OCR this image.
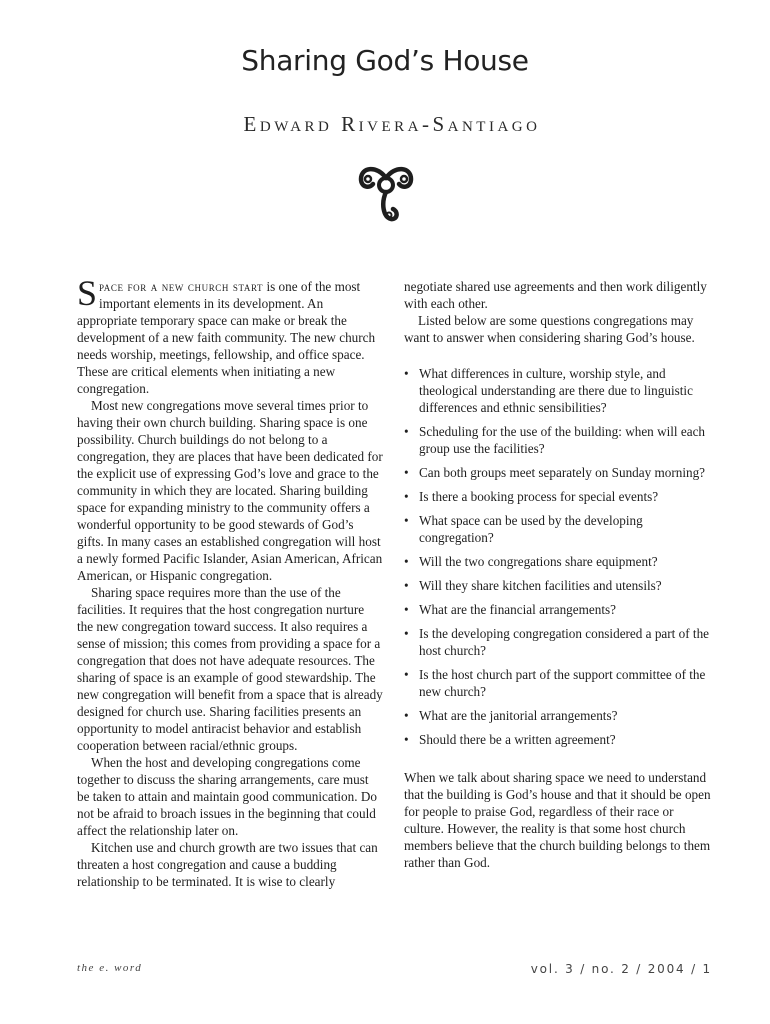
Sharing God’s House
Edward Rivera-Santiago

Space for a new church start is one of the most important elements in its development. An appropriate temporary space can make or break the development of a new faith community. The new church needs worship, meetings, fellowship, and office space. These are critical elements when initiating a new congregation.

Most new congregations move several times prior to having their own church building. Sharing space is one possibility. Church buildings do not belong to a congregation, they are places that have been dedicated for the explicit use of expressing God’s love and grace to the community in which they are located. Sharing building space for expanding ministry to the community offers a wonderful opportunity to be good stewards of God’s gifts. In many cases an established congregation will host a newly formed Pacific Islander, Asian American, African American, or Hispanic congregation.

Sharing space requires more than the use of the facilities. It requires that the host congregation nurture the new congregation toward success. It also requires a sense of mission; this comes from providing a space for a congregation that does not have adequate resources. The sharing of space is an example of good stewardship. The new congregation will benefit from a space that is already designed for church use. Sharing facilities presents an opportunity to model antiracist behavior and establish cooperation between racial/ethnic groups.

When the host and developing congregations come together to discuss the sharing arrangements, care must be taken to attain and maintain good communication. Do not be afraid to broach issues in the beginning that could affect the relationship later on.

Kitchen use and church growth are two issues that can threaten a host congregation and cause a budding relationship to be terminated. It is wise to clearly

negotiate shared use agreements and then work diligently with each other.

Listed below are some questions congregations may want to answer when considering sharing God’s house.

• What differences in culture, worship style, and theological understanding are there due to linguistic differences and ethnic sensibilities?
• Scheduling for the use of the building: when will each group use the facilities?
• Can both groups meet separately on Sunday morning?
• Is there a booking process for special events?
• What space can be used by the developing congregation?
• Will the two congregations share equipment?
• Will they share kitchen facilities and utensils?
• What are the financial arrangements?
• Is the developing congregation considered a part of the host church?
• Is the host church part of the support committee of the new church?
• What are the janitorial arrangements?
• Should there be a written agreement?

When we talk about sharing space we need to understand that the building is God’s house and that it should be open for people to praise God, regardless of their race or culture. However, the reality is that some host church members believe that the church building belongs to them rather than God.

the e. word	vol. 3 / no. 2 / 2004 / 1
